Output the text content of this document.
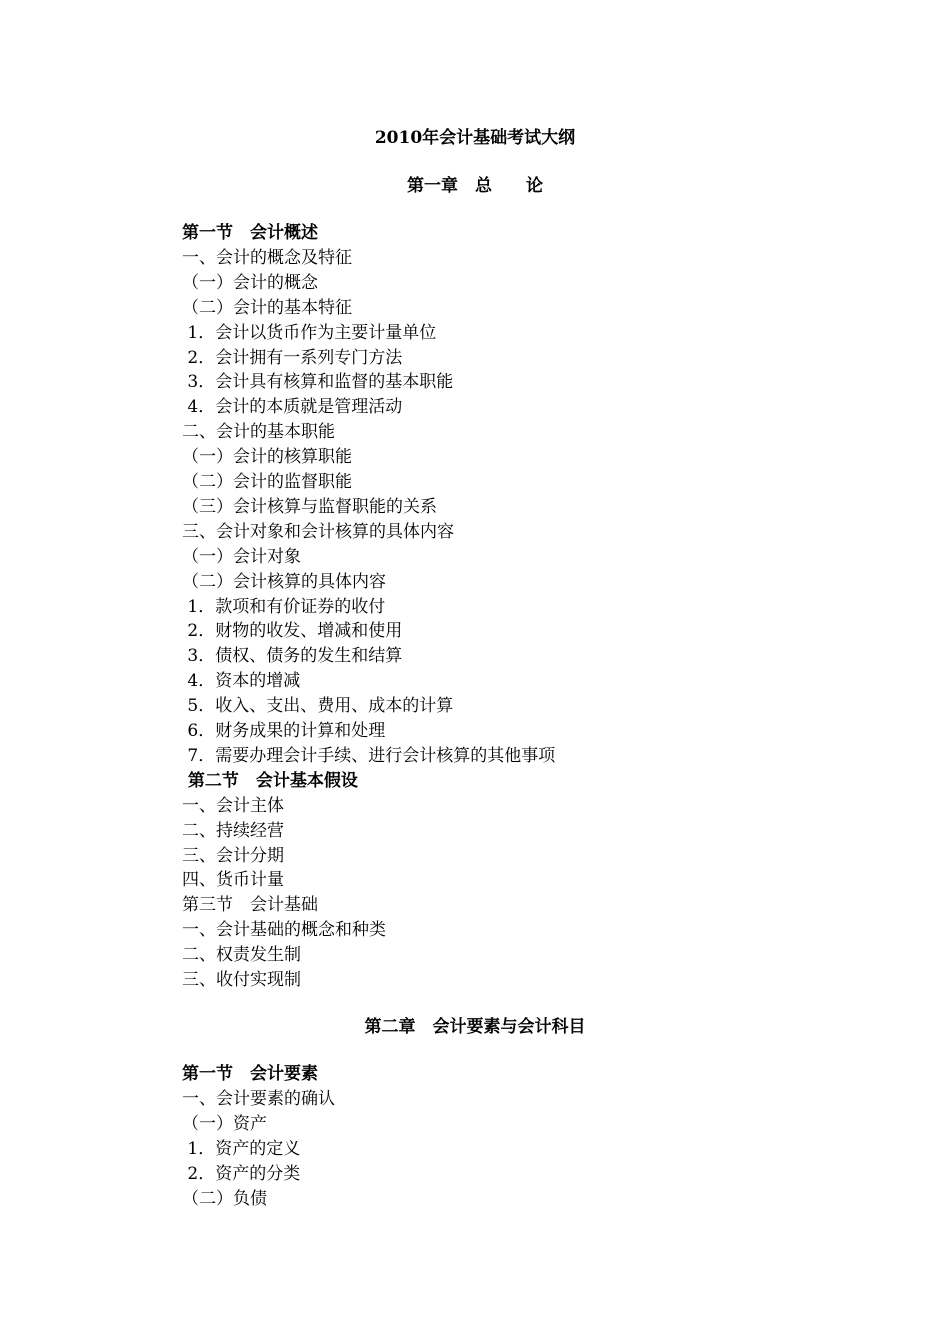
2010年会计基础考试大纲
第一章　总　　论
第一节　会计概述
一、会计的概念及特征
（一）会计的概念
（二）会计的基本特征
1．会计以货币作为主要计量单位
2．会计拥有一系列专门方法
3．会计具有核算和监督的基本职能
4．会计的本质就是管理活动
二、会计的基本职能
（一）会计的核算职能
（二）会计的监督职能
（三）会计核算与监督职能的关系
三、会计对象和会计核算的具体内容
（一）会计对象
（二）会计核算的具体内容
1．款项和有价证券的收付
2．财物的收发、增减和使用
3．债权、债务的发生和结算
4．资本的增减
5．收入、支出、费用、成本的计算
6．财务成果的计算和处理
7．需要办理会计手续、进行会计核算的其他事项
第二节　会计基本假设
一、会计主体
二、持续经营
三、会计分期
四、货币计量
第三节　会计基础
一、会计基础的概念和种类
二、权责发生制
三、收付实现制
第二章　会计要素与会计科目
第一节　会计要素
一、会计要素的确认
（一）资产
1．资产的定义
2．资产的分类
（二）负债
